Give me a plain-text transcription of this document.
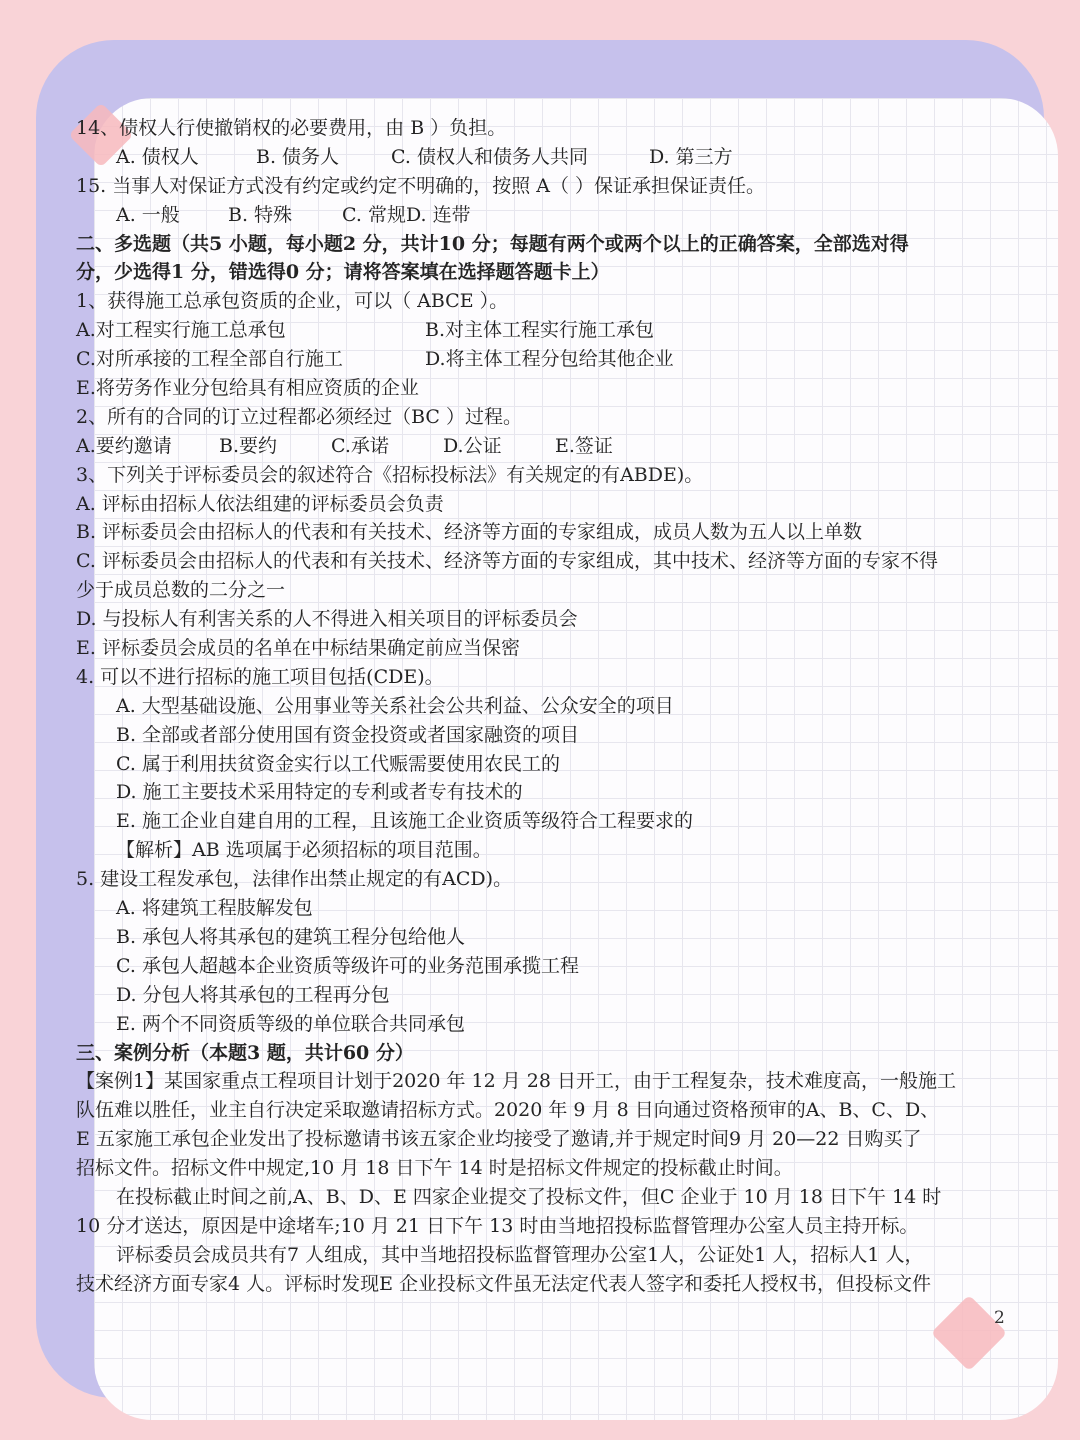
14、债权人行使撤销权的必要费用，由 B ）负担。
A. 债权人	B. 债务人	C. 债权人和债务人共同	D. 第三方
15. 当事人对保证方式没有约定或约定不明确的，按照 A（ ）保证承担保证责任。
A. 一般	B. 特殊	C. 常规D. 连带
二、多选题（共5 小题，每小题2 分，共计10 分；每题有两个或两个以上的正确答案，全部选对得
分，少选得1 分，错选得0 分；请将答案填在选择题答题卡上）
1、获得施工总承包资质的企业，可以（ ABCE ）。
A.对工程实行施工总承包	B.对主体工程实行施工承包
C.对所承接的工程全部自行施工	D.将主体工程分包给其他企业
E.将劳务作业分包给具有相应资质的企业
2、所有的合同的订立过程都必须经过（BC ）过程。
A.要约邀请 B.要约	C.承诺	D.公证	E.签证
3、下列关于评标委员会的叙述符合《招标投标法》有关规定的有ABDE)。
A. 评标由招标人依法组建的评标委员会负责
B. 评标委员会由招标人的代表和有关技术、经济等方面的专家组成，成员人数为五人以上单数
C. 评标委员会由招标人的代表和有关技术、经济等方面的专家组成，其中技术、经济等方面的专家不得
少于成员总数的二分之一
D. 与投标人有利害关系的人不得进入相关项目的评标委员会
E. 评标委员会成员的名单在中标结果确定前应当保密
4. 可以不进行招标的施工项目包括(CDE)。
A. 大型基础设施、公用事业等关系社会公共利益、公众安全的项目
B. 全部或者部分使用国有资金投资或者国家融资的项目
C. 属于利用扶贫资金实行以工代赈需要使用农民工的
D. 施工主要技术采用特定的专利或者专有技术的
E. 施工企业自建自用的工程，且该施工企业资质等级符合工程要求的
【解析】AB 选项属于必须招标的项目范围。
5. 建设工程发承包，法律作出禁止规定的有ACD)。
A. 将建筑工程肢解发包
B. 承包人将其承包的建筑工程分包给他人
C. 承包人超越本企业资质等级许可的业务范围承揽工程
D. 分包人将其承包的工程再分包
E. 两个不同资质等级的单位联合共同承包
三、案例分析（本题3 题，共计60 分）
【案例1】某国家重点工程项目计划于2020 年 12 月 28 日开工，由于工程复杂，技术难度高，一般施工
队伍难以胜任，业主自行决定采取邀请招标方式。2020 年 9 月 8 日向通过资格预审的A、B、C、D、
E 五家施工承包企业发出了投标邀请书该五家企业均接受了邀请,并于规定时间9 月 20—22 日购买了
招标文件。招标文件中规定,10 月 18 日下午 14 时是招标文件规定的投标截止时间。
在投标截止时间之前,A、B、D、E 四家企业提交了投标文件，但C 企业于 10 月 18 日下午 14 时
10 分才送达，原因是中途堵车;10 月 21 日下午 13 时由当地招投标监督管理办公室人员主持开标。
评标委员会成员共有7 人组成，其中当地招投标监督管理办公室1人，公证处1 人，招标人1 人，
技术经济方面专家4 人。评标时发现E 企业投标文件虽无法定代表人签字和委托人授权书，但投标文件
2
